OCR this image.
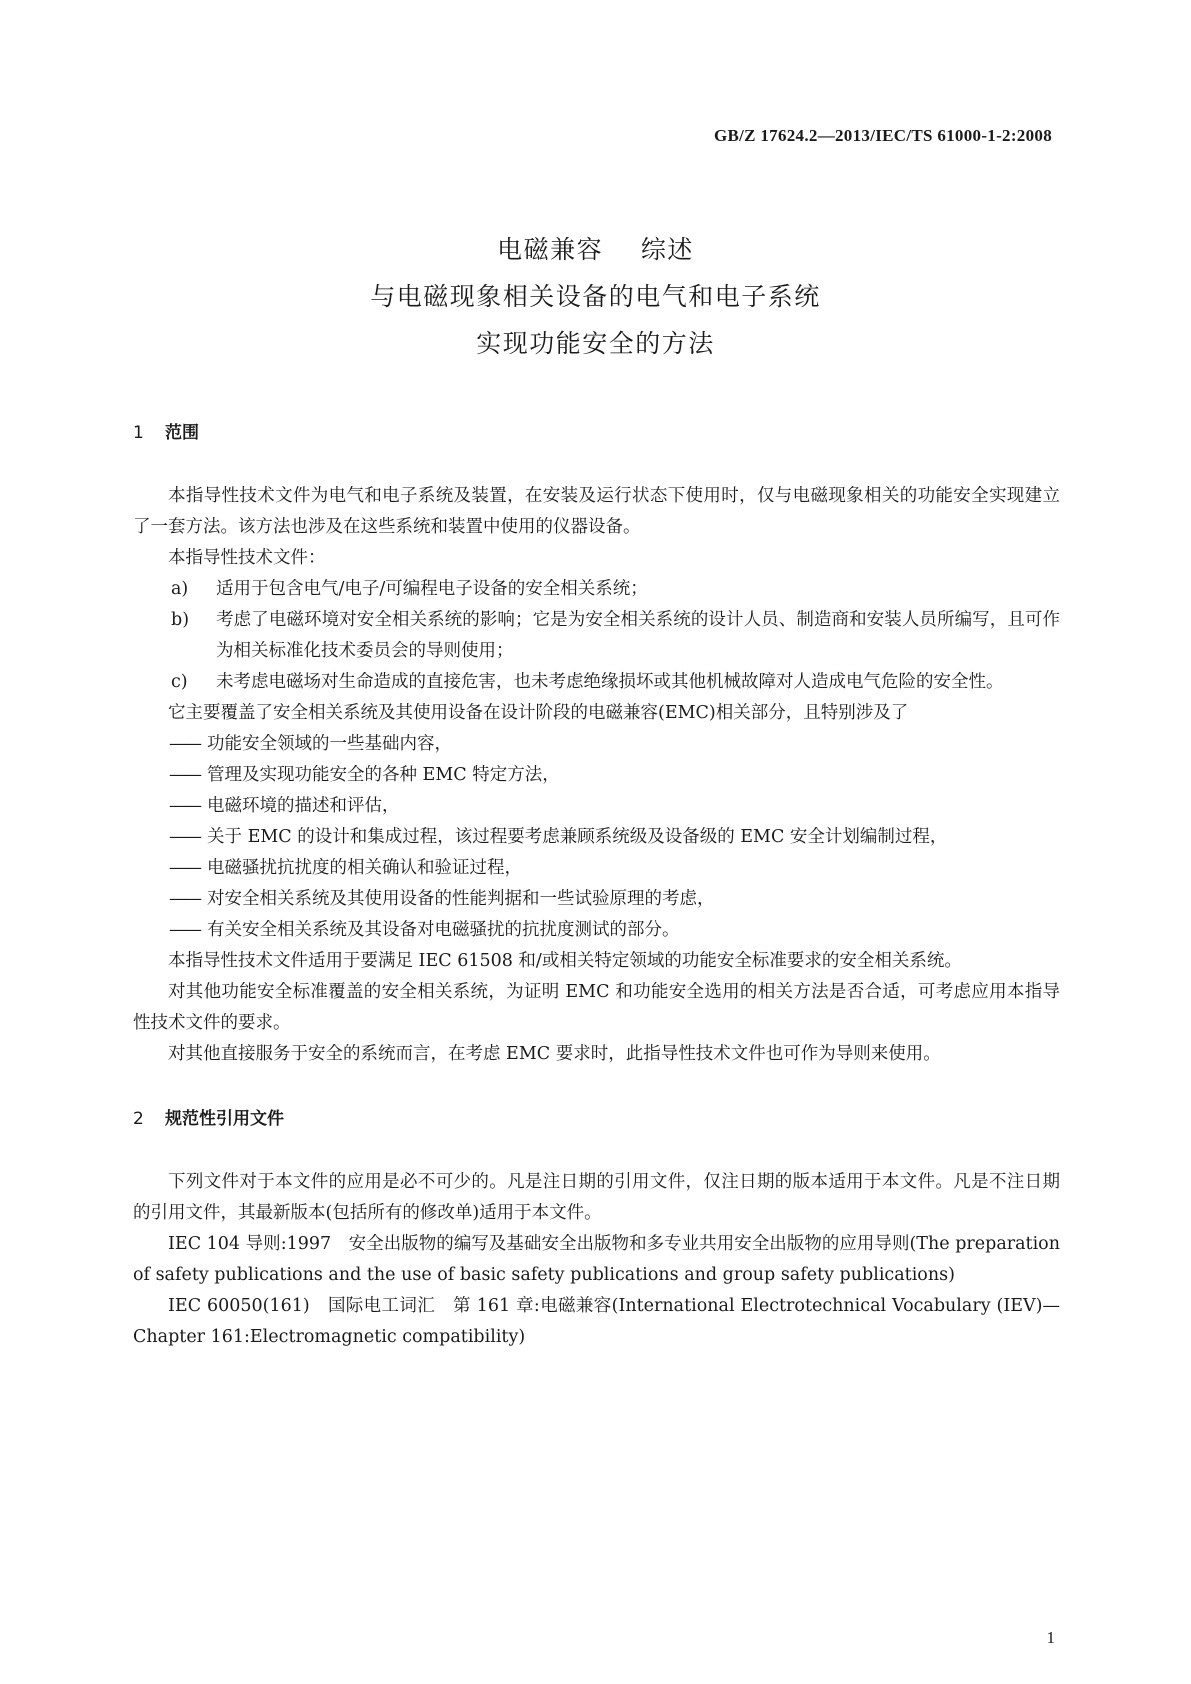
GB/Z 17624.2—2013/IEC/TS 61000-1-2:2008
电磁兼容    综述
与电磁现象相关设备的电气和电子系统
实现功能安全的方法
1 范围

本指导性技术文件为电气和电子系统及装置，在安装及运行状态下使用时，仅与电磁现象相关的功能安全实现建立了一套方法。该方法也涉及在这些系统和装置中使用的仪器设备。

本指导性技术文件：

a) 适用于包含电气/电子/可编程电子设备的安全相关系统；

b) 考虑了电磁环境对安全相关系统的影响；它是为安全相关系统的设计人员、制造商和安装人员所编写，且可作为相关标准化技术委员会的导则使用；

c) 未考虑电磁场对生命造成的直接危害，也未考虑绝缘损坏或其他机械故障对人造成电气危险的安全性。

它主要覆盖了安全相关系统及其使用设备在设计阶段的电磁兼容(EMC)相关部分，且特别涉及了

—— 功能安全领域的一些基础内容，

—— 管理及实现功能安全的各种 EMC 特定方法，

—— 电磁环境的描述和评估，

—— 关于 EMC 的设计和集成过程，该过程要考虑兼顾系统级及设备级的 EMC 安全计划编制过程，

—— 电磁骚扰抗扰度的相关确认和验证过程，

—— 对安全相关系统及其使用设备的性能判据和一些试验原理的考虑，

—— 有关安全相关系统及其设备对电磁骚扰的抗扰度测试的部分。

本指导性技术文件适用于要满足 IEC 61508 和/或相关特定领域的功能安全标准要求的安全相关系统。

对其他功能安全标准覆盖的安全相关系统，为证明 EMC 和功能安全选用的相关方法是否合适，可考虑应用本指导性技术文件的要求。

对其他直接服务于安全的系统而言，在考虑 EMC 要求时，此指导性技术文件也可作为导则来使用。

2 规范性引用文件

下列文件对于本文件的应用是必不可少的。凡是注日期的引用文件，仅注日期的版本适用于本文件。凡是不注日期的引用文件，其最新版本(包括所有的修改单)适用于本文件。

IEC 104 导则:1997　安全出版物的编写及基础安全出版物和多专业共用安全出版物的应用导则(The preparation of safety publications and the use of basic safety publications and group safety publications)

IEC 60050(161)　国际电工词汇　第 161 章:电磁兼容(International Electrotechnical Vocabulary (IEV)—Chapter 161:Electromagnetic compatibility)

1
